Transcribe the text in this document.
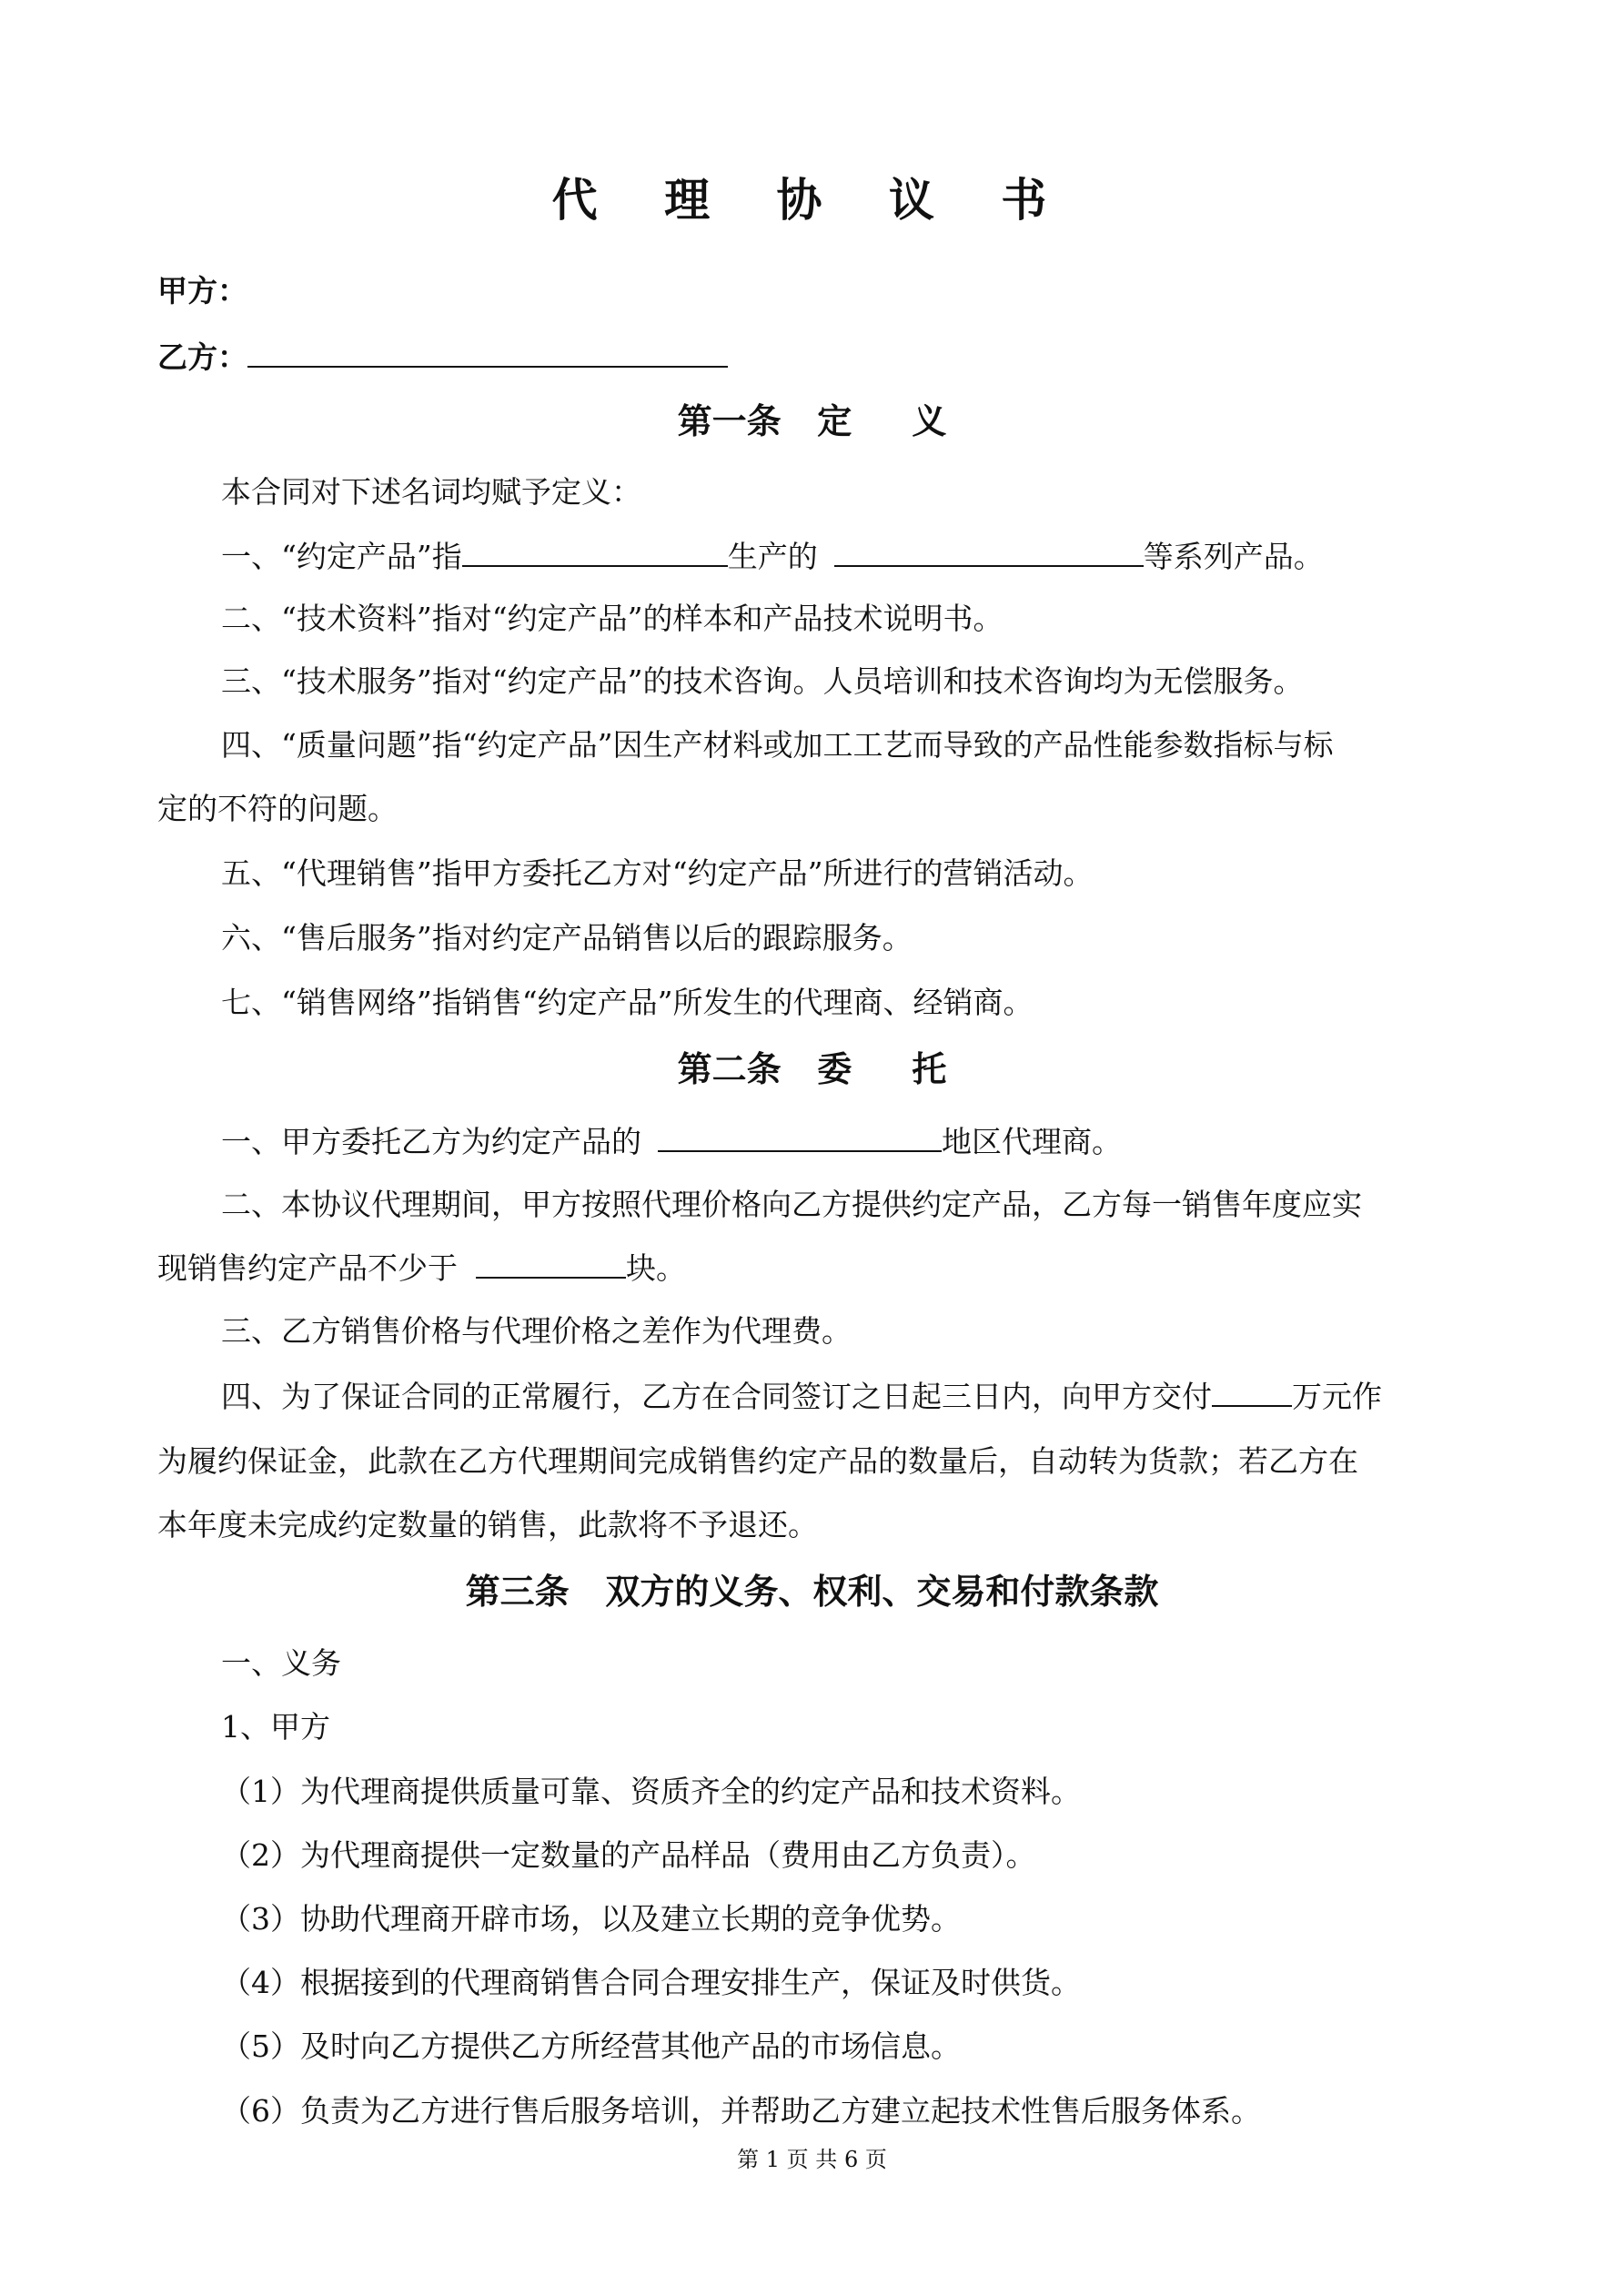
代 理 协 议 书
甲方：
乙方：
第一条   定     义
本合同对下述名词均赋予定义：
一、“约定产品”指	生产的	等系列产品。
二、“技术资料”指对“约定产品”的样本和产品技术说明书。
三、“技术服务”指对“约定产品”的技术咨询。人员培训和技术咨询均为无偿服务。
四、“质量问题”指“约定产品”因生产材料或加工工艺而导致的产品性能参数指标与标
定的不符的问题。
五、“代理销售”指甲方委托乙方对“约定产品”所进行的营销活动。
六、“售后服务”指对约定产品销售以后的跟踪服务。
七、“销售网络”指销售“约定产品”所发生的代理商、经销商。
第二条   委     托
一、甲方委托乙方为约定产品的	地区代理商。
二、本协议代理期间，甲方按照代理价格向乙方提供约定产品，乙方每一销售年度应实
现销售约定产品不少于	块。
三、乙方销售价格与代理价格之差作为代理费。
四、为了保证合同的正常履行，乙方在合同签订之日起三日内，向甲方交付	万元作
为履约保证金，此款在乙方代理期间完成销售约定产品的数量后，自动转为货款；若乙方在
本年度未完成约定数量的销售，此款将不予退还。
第三条   双方的义务、权利、交易和付款条款
一、义务
1、甲方
（1）为代理商提供质量可靠、资质齐全的约定产品和技术资料。
（2）为代理商提供一定数量的产品样品（费用由乙方负责）。
（3）协助代理商开辟市场，以及建立长期的竞争优势。
（4）根据接到的代理商销售合同合理安排生产，保证及时供货。
（5）及时向乙方提供乙方所经营其他产品的市场信息。
（6）负责为乙方进行售后服务培训，并帮助乙方建立起技术性售后服务体系。
第 1 页 共 6 页
